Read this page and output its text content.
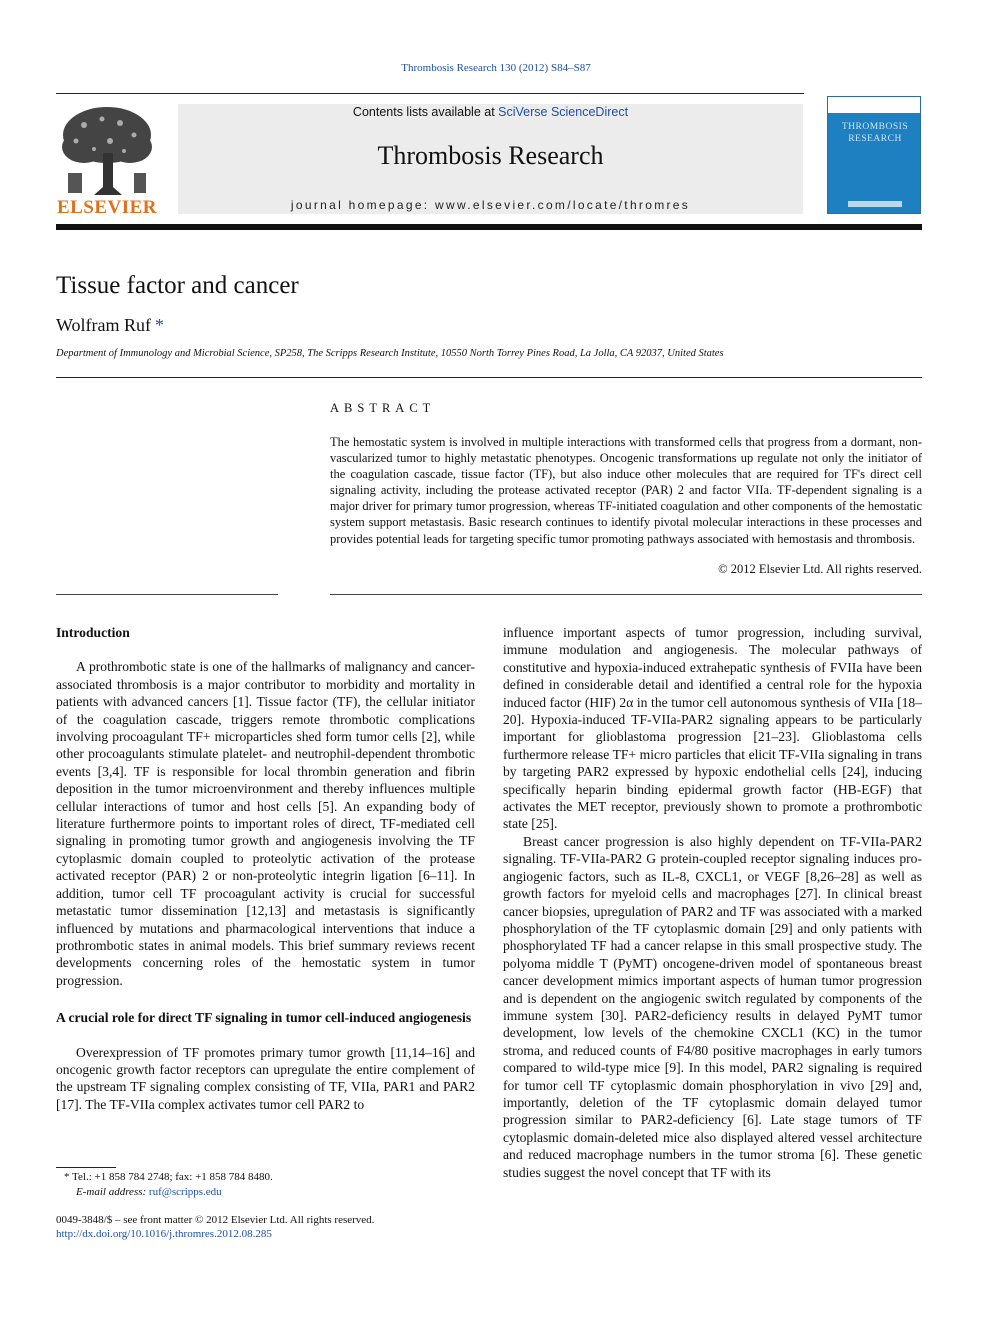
Thrombosis Research 130 (2012) S84–S87
ELSEVIER
Contents lists available at SciVerse ScienceDirect
Thrombosis Research
journal homepage: www.elsevier.com/locate/thromres
THROMBOSIS RESEARCH
Tissue factor and cancer
Wolfram Ruf *
Department of Immunology and Microbial Science, SP258, The Scripps Research Institute, 10550 North Torrey Pines Road, La Jolla, CA 92037, United States
ABSTRACT
The hemostatic system is involved in multiple interactions with transformed cells that progress from a dormant, non-vascularized tumor to highly metastatic phenotypes. Oncogenic transformations up regulate not only the initiator of the coagulation cascade, tissue factor (TF), but also induce other molecules that are required for TF's direct cell signaling activity, including the protease activated receptor (PAR) 2 and factor VIIa. TF-dependent signaling is a major driver for primary tumor progression, whereas TF-initiated coagulation and other components of the hemostatic system support metastasis. Basic research continues to identify pivotal molecular interactions in these processes and provides potential leads for targeting specific tumor promoting pathways associated with hemostasis and thrombosis.
© 2012 Elsevier Ltd. All rights reserved.

Introduction

A prothrombotic state is one of the hallmarks of malignancy and cancer-associated thrombosis is a major contributor to morbidity and mortality in patients with advanced cancers [1]. Tissue factor (TF), the cellular initiator of the coagulation cascade, triggers remote thrombotic complications involving procoagulant TF+ microparticles shed form tumor cells [2], while other procoagulants stimulate platelet- and neutrophil-dependent thrombotic events [3,4]. TF is responsible for local thrombin generation and fibrin deposition in the tumor microenvironment and thereby influences multiple cellular interactions of tumor and host cells [5]. An expanding body of literature furthermore points to important roles of direct, TF-mediated cell signaling in promoting tumor growth and angiogenesis involving the TF cytoplasmic domain coupled to proteolytic activation of the protease activated receptor (PAR) 2 or non-proteolytic integrin ligation [6–11]. In addition, tumor cell TF procoagulant activity is crucial for successful metastatic tumor dissemination [12,13] and metastasis is significantly influenced by mutations and pharmacological interventions that induce a prothrombotic states in animal models. This brief summary reviews recent developments concerning roles of the hemostatic system in tumor progression.

A crucial role for direct TF signaling in tumor cell-induced angiogenesis

Overexpression of TF promotes primary tumor growth [11,14–16] and oncogenic growth factor receptors can upregulate the entire complement of the upstream TF signaling complex consisting of TF, VIIa, PAR1 and PAR2 [17]. The TF-VIIa complex activates tumor cell PAR2 to

influence important aspects of tumor progression, including survival, immune modulation and angiogenesis. The molecular pathways of constitutive and hypoxia-induced extrahepatic synthesis of FVIIa have been defined in considerable detail and identified a central role for the hypoxia induced factor (HIF) 2α in the tumor cell autonomous synthesis of VIIa [18–20]. Hypoxia-induced TF-VIIa-PAR2 signaling appears to be particularly important for glioblastoma progression [21–23]. Glioblastoma cells furthermore release TF+ micro particles that elicit TF-VIIa signaling in trans by targeting PAR2 expressed by hypoxic endothelial cells [24], inducing specifically heparin binding epidermal growth factor (HB-EGF) that activates the MET receptor, previously shown to promote a prothrombotic state [25].

Breast cancer progression is also highly dependent on TF-VIIa-PAR2 signaling. TF-VIIa-PAR2 G protein-coupled receptor signaling induces pro-angiogenic factors, such as IL-8, CXCL1, or VEGF [8,26–28] as well as growth factors for myeloid cells and macrophages [27]. In clinical breast cancer biopsies, upregulation of PAR2 and TF was associated with a marked phosphorylation of the TF cytoplasmic domain [29] and only patients with phosphorylated TF had a cancer relapse in this small prospective study. The polyoma middle T (PyMT) oncogene-driven model of spontaneous breast cancer development mimics important aspects of human tumor progression and is dependent on the angiogenic switch regulated by components of the immune system [30]. PAR2-deficiency results in delayed PyMT tumor development, low levels of the chemokine CXCL1 (KC) in the tumor stroma, and reduced counts of F4/80 positive macrophages in early tumors compared to wild-type mice [9]. In this model, PAR2 signaling is required for tumor cell TF cytoplasmic domain phosphorylation in vivo [29] and, importantly, deletion of the TF cytoplasmic domain delayed tumor progression similar to PAR2-deficiency [6]. Late stage tumors of TF cytoplasmic domain-deleted mice also displayed altered vessel architecture and reduced macrophage numbers in the tumor stroma [6]. These genetic studies suggest the novel concept that TF with its

* Tel.: +1 858 784 2748; fax: +1 858 784 8480.
E-mail address: ruf@scripps.edu
0049-3848/$ – see front matter © 2012 Elsevier Ltd. All rights reserved.
http://dx.doi.org/10.1016/j.thromres.2012.08.285
